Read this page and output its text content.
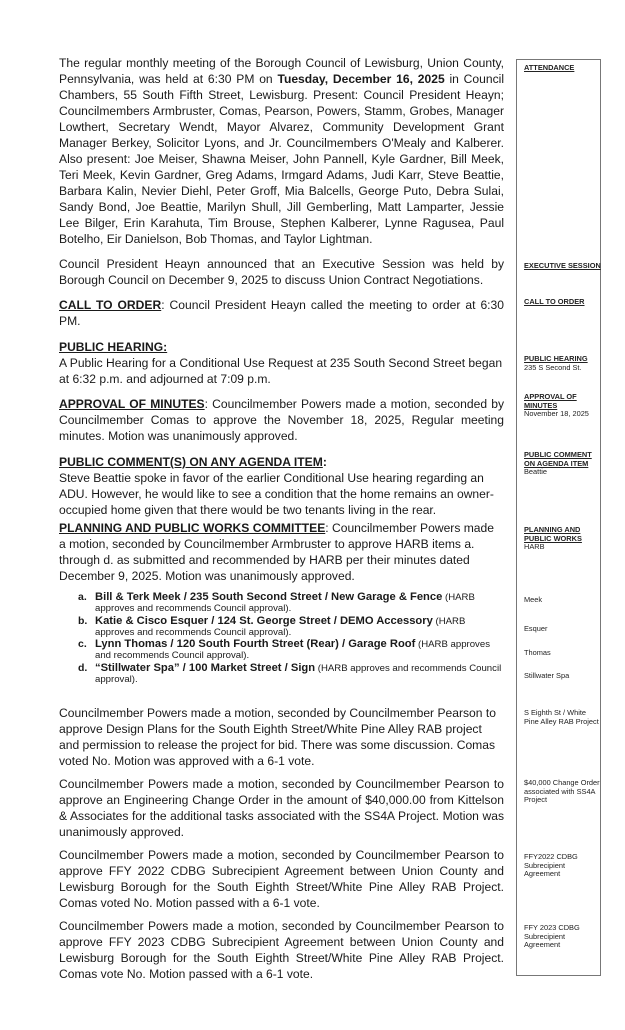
The regular monthly meeting of the Borough Council of Lewisburg, Union County, Pennsylvania, was held at 6:30 PM on Tuesday, December 16, 2025 in Council Chambers, 55 South Fifth Street, Lewisburg. Present: Council President Heayn; Councilmembers Armbruster, Comas, Pearson, Powers, Stamm, Grobes, Manager Lowthert, Secretary Wendt, Mayor Alvarez, Community Development Grant Manager Berkey, Solicitor Lyons, and Jr. Councilmembers O'Mealy and Kalberer. Also present: Joe Meiser, Shawna Meiser, John Pannell, Kyle Gardner, Bill Meek, Teri Meek, Kevin Gardner, Greg Adams, Irmgard Adams, Judi Karr, Steve Beattie, Barbara Kalin, Nevier Diehl, Peter Groff, Mia Balcells, George Puto, Debra Sulai, Sandy Bond, Joe Beattie, Marilyn Shull, Jill Gemberling, Matt Lamparter, Jessie Lee Bilger, Erin Karahuta, Tim Brouse, Stephen Kalberer, Lynne Ragusea, Paul Botelho, Eir Danielson, Bob Thomas, and Taylor Lightman.

Council President Heayn announced that an Executive Session was held by Borough Council on December 9, 2025 to discuss Union Contract Negotiations.

CALL TO ORDER: Council President Heayn called the meeting to order at 6:30 PM.

PUBLIC HEARING:
A Public Hearing for a Conditional Use Request at 235 South Second Street began at 6:32 p.m. and adjourned at 7:09 p.m.

APPROVAL OF MINUTES: Councilmember Powers made a motion, seconded by Councilmember Comas to approve the November 18, 2025, Regular meeting minutes. Motion was unanimously approved.

PUBLIC COMMENT(S) ON ANY AGENDA ITEM:
Steve Beattie spoke in favor of the earlier Conditional Use hearing regarding an ADU. However, he would like to see a condition that the home remains an owner-occupied home given that there would be two tenants living in the rear.

PLANNING AND PUBLIC WORKS COMMITTEE: Councilmember Powers made a motion, seconded by Councilmember Armbruster to approve HARB items a. through d. as submitted and recommended by HARB per their minutes dated December 9, 2025. Motion was unanimously approved.

a. Bill & Terk Meek / 235 South Second Street / New Garage & Fence (HARB approves and recommends Council approval).
b. Katie & Cisco Esquer / 124 St. George Street / DEMO Accessory (HARB approves and recommends Council approval).
c. Lynn Thomas / 120 South Fourth Street (Rear) / Garage Roof (HARB approves and recommends Council approval).
d. “Stillwater Spa” / 100 Market Street / Sign (HARB approves and recommends Council approval).

Councilmember Powers made a motion, seconded by Councilmember Pearson to approve Design Plans for the South Eighth Street/White Pine Alley RAB project and permission to release the project for bid. There was some discussion. Comas voted No. Motion was approved with a 6-1 vote.

Councilmember Powers made a motion, seconded by Councilmember Pearson to approve an Engineering Change Order in the amount of $40,000.00 from Kittelson & Associates for the additional tasks associated with the SS4A Project. Motion was unanimously approved.

Councilmember Powers made a motion, seconded by Councilmember Pearson to approve FFY 2022 CDBG Subrecipient Agreement between Union County and Lewisburg Borough for the South Eighth Street/White Pine Alley RAB Project. Comas voted No. Motion passed with a 6-1 vote.

Councilmember Powers made a motion, seconded by Councilmember Pearson to approve FFY 2023 CDBG Subrecipient Agreement between Union County and Lewisburg Borough for the South Eighth Street/White Pine Alley RAB Project. Comas vote No. Motion passed with a 6-1 vote.

ATTENDANCE
EXECUTIVE SESSION
CALL TO ORDER
PUBLIC HEARING
235 S Second St.
APPROVAL OF MINUTES
November 18, 2025
PUBLIC COMMENT ON AGENDA ITEM
Beattie
PLANNING AND PUBLIC WORKS
HARB
Meek
Esquer
Thomas
Stillwater Spa
S Eighth St / White Pine Alley RAB Project
$40,000 Change Order associated with SS4A Project
FFY2022 CDBG Subrecipient Agreement
FFY 2023 CDBG Subrecipient Agreement
